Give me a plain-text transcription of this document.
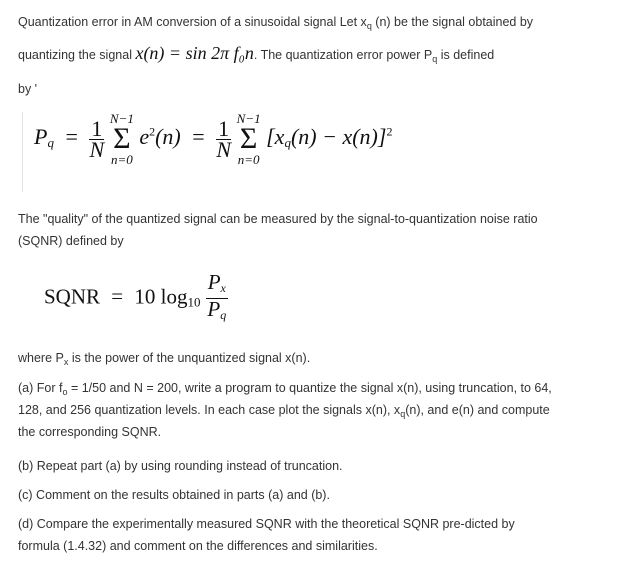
Quantization error in AM conversion of a sinusoidal signal Let $x_q$ (n) be the signal obtained by
quantizing the signal x(n) = sin 2π f₀n. The quantization error power $P_q$ is defined
by '
$P_q = \frac{1}{N}$
N−1
Σ
n=0
$e^2(n) = \frac{1}{N}$
N−1
Σ
n=0
$[x_q(n) - x(n)]^2$
The "quality" of the quantized signal can be measured by the signal-to-quantization noise ratio
(SQNR) defined by
SQNR = 10 $\log_{10} \frac{P_x}{P_q}$
where $P_x$ is the power of the unquantized signal x(n).
(a) For $f_o = 1/50$ and N = 200, write a program to quantize the signal x(n), using truncation, to 64,
128, and 256 quantization levels. In each case plot the signals x(n), $x_q(n)$, and e(n) and compute
the corresponding SQNR.
(b) Repeat part (a) by using rounding instead of truncation.
(c) Comment on the results obtained in parts (a) and (b).
(d) Compare the experimentally measured SQNR with the theoretical SQNR pre-dicted by
formula (1.4.32) and comment on the differences and similarities.
